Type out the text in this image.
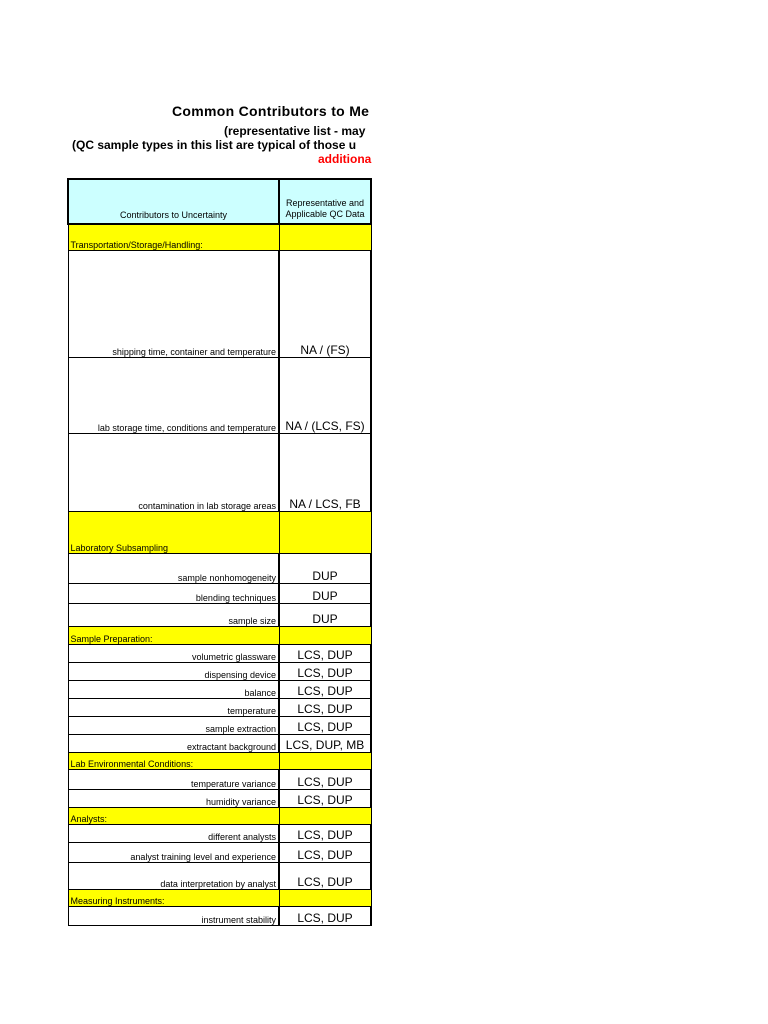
Common Contributors to Me
(representative list - may
(QC sample types in this list are typical of those u
additiona
Contributors to Uncertainty	Representative and Applicable QC Data
Transportation/Storage/Handling:	
shipping time, container and temperature	NA / (FS)
lab storage time, conditions and temperature	NA / (LCS, FS)
contamination in lab storage areas	NA / LCS, FB
Laboratory Subsampling	
sample nonhomogeneity	DUP
blending techniques	DUP
sample size	DUP
Sample Preparation:	
volumetric glassware	LCS, DUP
dispensing device	LCS, DUP
balance	LCS, DUP
temperature	LCS, DUP
sample extraction	LCS, DUP
extractant background	LCS, DUP, MB
Lab Environmental Conditions:	
temperature variance	LCS, DUP
humidity variance	LCS, DUP
Analysts:	
different analysts	LCS, DUP
analyst training level and experience	LCS, DUP
data interpretation by analyst	LCS, DUP
Measuring Instruments:	
instrument stability	LCS, DUP
